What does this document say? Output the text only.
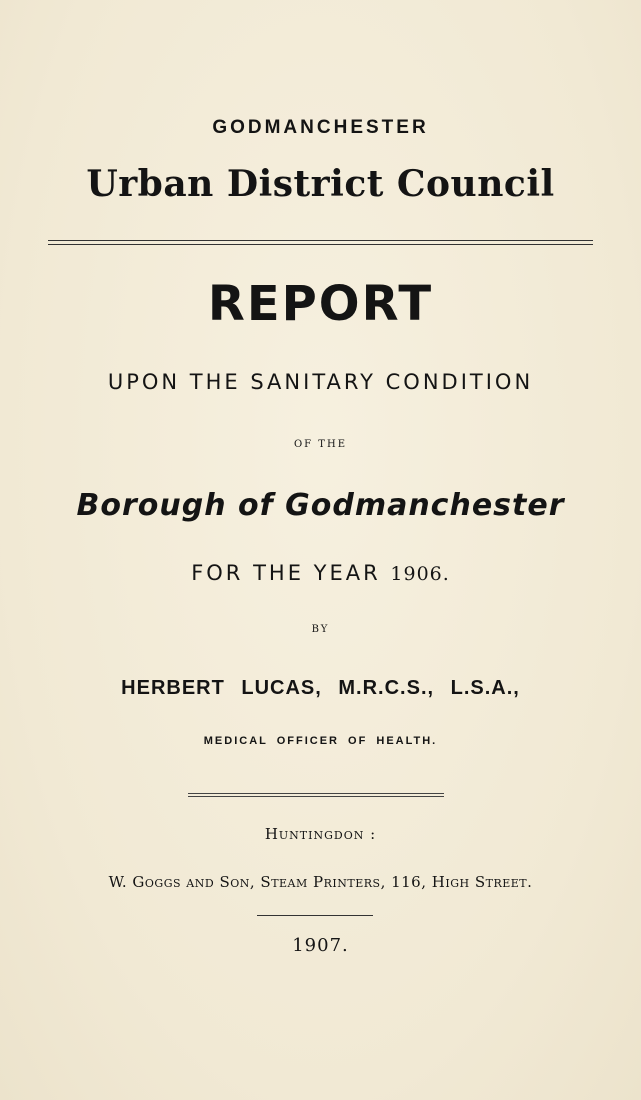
GODMANCHESTER
Urban District Council
REPORT
UPON THE SANITARY CONDITION
OF THE
Borough of Godmanchester
FOR THE YEAR 1906.
BY
HERBERT LUCAS, M.R.C.S., L.S.A.,
MEDICAL OFFICER OF HEALTH.
Huntingdon :
W. Goggs and Son, Steam Printers, 116, High Street.
1907.
